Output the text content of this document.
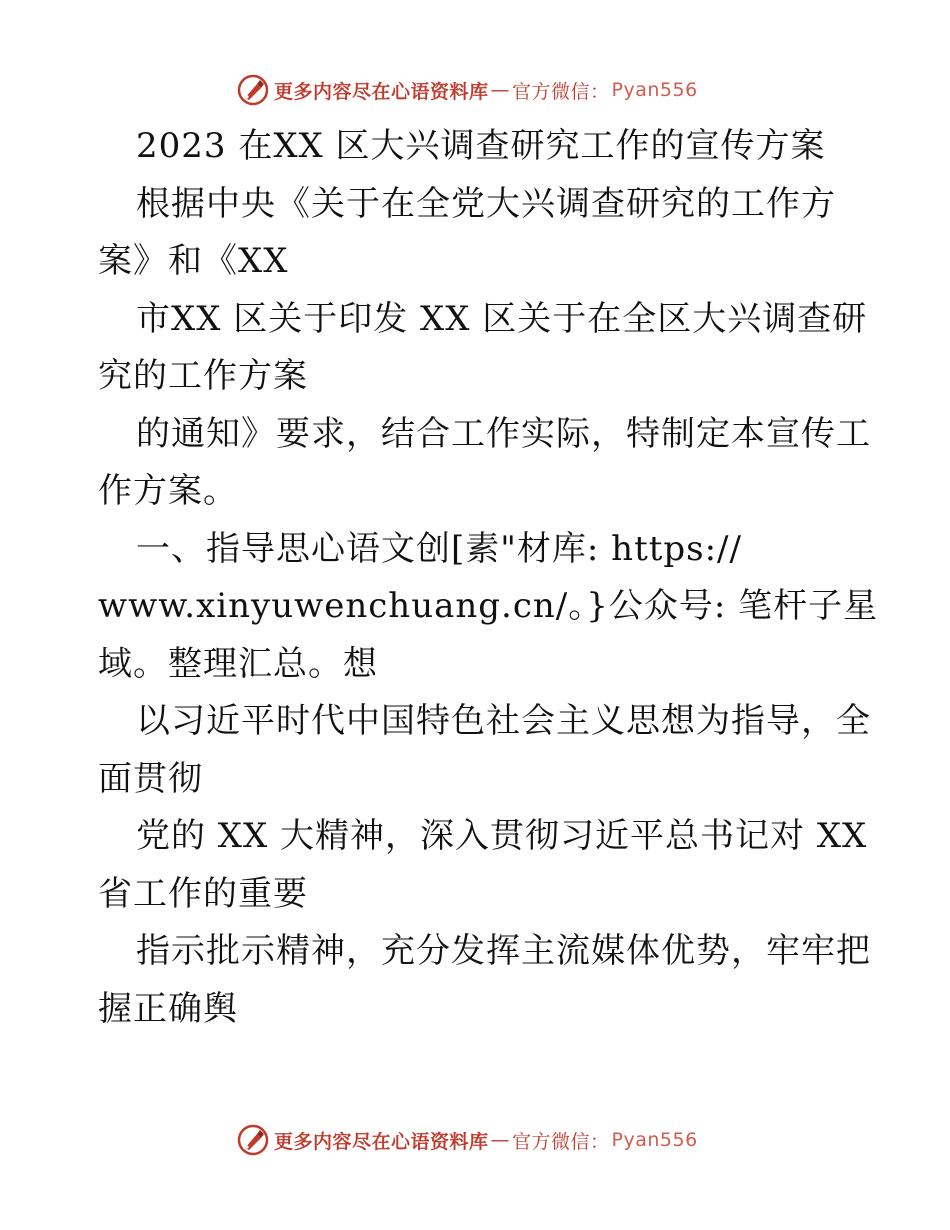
更多内容尽在心语资料库 — 官方微信： Pyan556
2023 在XX 区大兴调查研究工作的宣传方案
根据中央《关于在全党大兴调查研究的工作方
案》和《XX
市XX 区关于印发 XX 区关于在全区大兴调查研
究的工作方案
的通知》要求，结合工作实际，特制定本宣传工
作方案。
一、指导思心语文创[素"材库: https://
www.xinyuwenchuang.cn/。}公众号: 笔杆子星
域。整理汇总。想
以习近平时代中国特色社会主义思想为指导，全
面贯彻
党的 XX 大精神，深入贯彻习近平总书记对 XX
省工作的重要
指示批示精神，充分发挥主流媒体优势，牢牢把
握正确舆
更多内容尽在心语资料库 — 官方微信： Pyan556
